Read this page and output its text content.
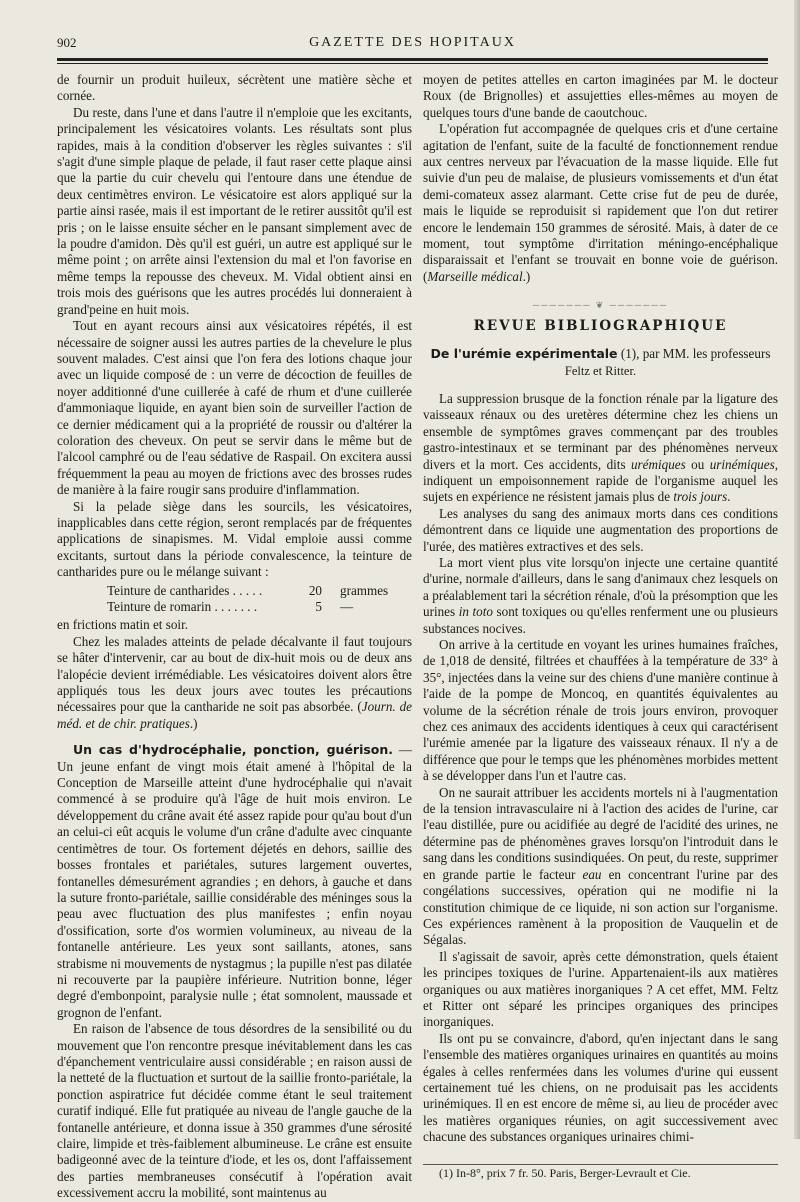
902	GAZETTE DES HOPITAUX

de fournir un produit huileux, sécrètent une matière sèche et cornée.

Du reste, dans l'une et dans l'autre il n'emploie que les excitants, principalement les vésicatoires volants. Les résultats sont plus rapides, mais à la condition d'observer les règles suivantes : s'il s'agit d'une simple plaque de pelade, il faut raser cette plaque ainsi que la partie du cuir chevelu qui l'entoure dans une étendue de deux centimètres environ. Le vésicatoire est alors appliqué sur la partie ainsi rasée, mais il est important de le retirer aussitôt qu'il est pris ; on le laisse ensuite sécher en le pansant simplement avec de la poudre d'amidon. Dès qu'il est guéri, un autre est appliqué sur le même point ; on arrête ainsi l'extension du mal et l'on favorise en même temps la repousse des cheveux. M. Vidal obtient ainsi en trois mois des guérisons que les autres procédés lui donneraient à grand'peine en huit mois.

Tout en ayant recours ainsi aux vésicatoires répétés, il est nécessaire de soigner aussi les autres parties de la chevelure le plus souvent malades. C'est ainsi que l'on fera des lotions chaque jour avec un liquide composé de : un verre de décoction de feuilles de noyer additionné d'une cuillerée à café de rhum et d'une cuillerée d'ammoniaque liquide, en ayant bien soin de surveiller l'action de ce dernier médicament qui a la propriété de roussir ou d'altérer la coloration des cheveux. On peut se servir dans le même but de l'alcool camphré ou de l'eau sédative de Raspail. On excitera aussi fréquemment la peau au moyen de frictions avec des brosses rudes de manière à la faire rougir sans produire d'inflammation.

Si la pelade siège dans les sourcils, les vésicatoires, inapplicables dans cette région, seront remplacés par de fréquentes applications de sinapismes. M. Vidal emploie aussi comme excitants, surtout dans la période convalescence, la teinture de cantharides pure ou le mélange suivant :

Teinture de cantharides . . . . .	20	grammes
Teinture de romarin . . . . . . .	5	—

en frictions matin et soir.

Chez les malades atteints de pelade décalvante il faut toujours se hâter d'intervenir, car au bout de dix-huit mois ou de deux ans l'alopécie devient irrémédiable. Les vésicatoires doivent alors être appliqués tous les deux jours avec toutes les précautions nécessaires pour que la cantharide ne soit pas absorbée. (Journ. de méd. et de chir. pratiques.)

Un cas d'hydrocéphalie, ponction, guérison. — Un jeune enfant de vingt mois était amené à l'hôpital de la Conception de Marseille atteint d'une hydrocéphalie qui n'avait commencé à se produire qu'à l'âge de huit mois environ. Le développement du crâne avait été assez rapide pour qu'au bout d'un an celui-ci eût acquis le volume d'un crâne d'adulte avec cinquante centimètres de tour. Os fortement déjetés en dehors, saillie des bosses frontales et pariétales, sutures largement ouvertes, fontanelles démesurément agrandies ; en dehors, à gauche et dans la suture fronto-pariétale, saillie considérable des méninges sous la peau avec fluctuation des plus manifestes ; enfin noyau d'ossification, sorte d'os wormien volumineux, au niveau de la fontanelle antérieure. Les yeux sont saillants, atones, sans strabisme ni mouvements de nystagmus ; la pupille n'est pas dilatée ni recouverte par la paupière inférieure. Nutrition bonne, léger degré d'embonpoint, paralysie nulle ; état somnolent, maussade et grognon de l'enfant.

En raison de l'absence de tous désordres de la sensibilité ou du mouvement que l'on rencontre presque inévitablement dans les cas d'épanchement ventriculaire aussi considérable ; en raison aussi de la netteté de la fluctuation et surtout de la saillie fronto-pariétale, la ponction aspiratrice fut décidée comme étant le seul traitement curatif indiqué. Elle fut pratiquée au niveau de l'angle gauche de la fontanelle antérieure, et donna issue à 350 grammes d'une sérosité claire, limpide et très-faiblement albumineuse. Le crâne est ensuite badigeonné avec de la teinture d'iode, et les os, dont l'affaissement des parties membraneuses consécutif à l'opération avait excessivement accru la mobilité, sont maintenus au

moyen de petites attelles en carton imaginées par M. le docteur Roux (de Brignolles) et assujetties elles-mêmes au moyen de quelques tours d'une bande de caoutchouc.

L'opération fut accompagnée de quelques cris et d'une certaine agitation de l'enfant, suite de la faculté de fonctionnement rendue aux centres nerveux par l'évacuation de la masse liquide. Elle fut suivie d'un peu de malaise, de plusieurs vomissements et d'un état demi-comateux assez alarmant. Cette crise fut de peu de durée, mais le liquide se reproduisit si rapidement que l'on dut retirer encore le lendemain 150 grammes de sérosité. Mais, à dater de ce moment, tout symptôme d'irritation méningo-encéphalique disparaissait et l'enfant se trouvait en bonne voie de guérison. (Marseille médical.)

─────── ❦ ───────
REVUE BIBLIOGRAPHIQUE
De l'urémie expérimentale (1), par MM. les professeurs
Feltz et Ritter.

La suppression brusque de la fonction rénale par la ligature des vaisseaux rénaux ou des uretères détermine chez les chiens un ensemble de symptômes graves commençant par des troubles gastro-intestinaux et se terminant par des phénomènes nerveux divers et la mort. Ces accidents, dits urémiques ou urinémiques, indiquent un empoisonnement rapide de l'organisme auquel les sujets en expérience ne résistent jamais plus de trois jours.

Les analyses du sang des animaux morts dans ces conditions démontrent dans ce liquide une augmentation des proportions de l'urée, des matières extractives et des sels.

La mort vient plus vite lorsqu'on injecte une certaine quantité d'urine, normale d'ailleurs, dans le sang d'animaux chez lesquels on a préalablement tari la sécrétion rénale, d'où la présomption que les urines in toto sont toxiques ou qu'elles renferment une ou plusieurs substances nocives.

On arrive à la certitude en voyant les urines humaines fraîches, de 1,018 de densité, filtrées et chauffées à la température de 33° à 35°, injectées dans la veine sur des chiens d'une manière continue à l'aide de la pompe de Moncoq, en quantités équivalentes au volume de la sécrétion rénale de trois jours environ, provoquer chez ces animaux des accidents identiques à ceux qui caractérisent l'urémie amenée par la ligature des vaisseaux rénaux. Il n'y a de différence que pour le temps que les phénomènes morbides mettent à se développer dans l'un et l'autre cas.

On ne saurait attribuer les accidents mortels ni à l'augmentation de la tension intravasculaire ni à l'action des acides de l'urine, car l'eau distillée, pure ou acidifiée au degré de l'acidité des urines, ne détermine pas de phénomènes graves lorsqu'on l'introduit dans le sang dans les conditions susindiquées. On peut, du reste, supprimer en grande partie le facteur eau en concentrant l'urine par des congélations successives, opération qui ne modifie ni la constitution chimique de ce liquide, ni son action sur l'organisme. Ces expériences ramènent à la proposition de Vauquelin et de Ségalas.

Il s'agissait de savoir, après cette démonstration, quels étaient les principes toxiques de l'urine. Appartenaient-ils aux matières organiques ou aux matières inorganiques ? A cet effet, MM. Feltz et Ritter ont séparé les principes organiques des principes inorganiques.

Ils ont pu se convaincre, d'abord, qu'en injectant dans le sang l'ensemble des matières organiques urinaires en quantités au moins égales à celles renfermées dans les volumes d'urine qui eussent certainement tué les chiens, on ne produisait pas les accidents urinémiques. Il en est encore de même si, au lieu de procéder avec les matières organiques réunies, on agit successivement avec chacune des substances organiques urinaires chimi-

(1) In-8°, prix 7 fr. 50. Paris, Berger-Levrault et Cie.
